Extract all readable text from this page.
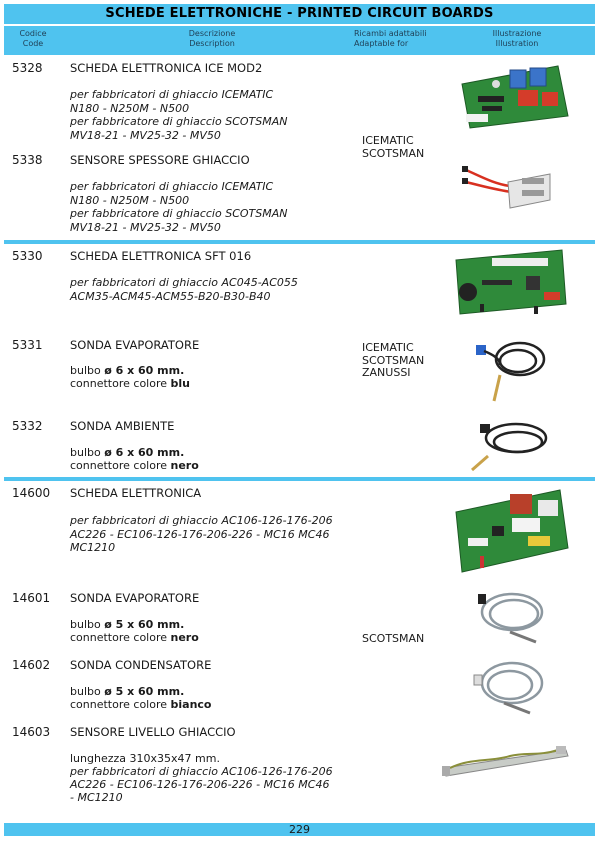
SCHEDE ELETTRONICHE - PRINTED CIRCUIT BOARDS
Codice
Code
Descrizione
Description
Ricambi adattabili
Adaptable for
Illustrazione
Illustration
5328 SCHEDA ELETTRONICA ICE MOD2
per fabbricatori di ghiaccio ICEMATIC
N180 - N250M - N500
per fabbricatore di ghiaccio SCOTSMAN
MV18-21 - MV25-32 - MV50
5338 SENSORE SPESSORE GHIACCIO
per fabbricatori di ghiaccio ICEMATIC
N180 - N250M - N500
per fabbricatore di ghiaccio SCOTSMAN
MV18-21 - MV25-32 - MV50
ICEMATIC
SCOTSMAN
5330 SCHEDA ELETTRONICA SFT 016
per fabbricatori di ghiaccio AC045-AC055
ACM35-ACM45-ACM55-B20-B30-B40
5331 SONDA EVAPORATORE
bulbo ø 6 x 60 mm.
connettore colore blu
5332 SONDA AMBIENTE
bulbo ø 6 x 60 mm.
connettore colore nero
ICEMATIC
SCOTSMAN
ZANUSSI
14600 SCHEDA ELETTRONICA
per fabbricatori di ghiaccio AC106-126-176-206
AC226 - EC106-126-176-206-226 - MC16 MC46
MC1210
14601 SONDA EVAPORATORE
bulbo ø 5 x 60 mm.
connettore colore nero
14602 SONDA CONDENSATORE
bulbo ø 5 x 60 mm.
connettore colore bianco
14603 SENSORE LIVELLO GHIACCIO
lunghezza 310x35x47 mm.
per fabbricatori di ghiaccio AC106-126-176-206
AC226 - EC106-126-176-206-226 - MC16 MC46
- MC1210
SCOTSMAN
229
